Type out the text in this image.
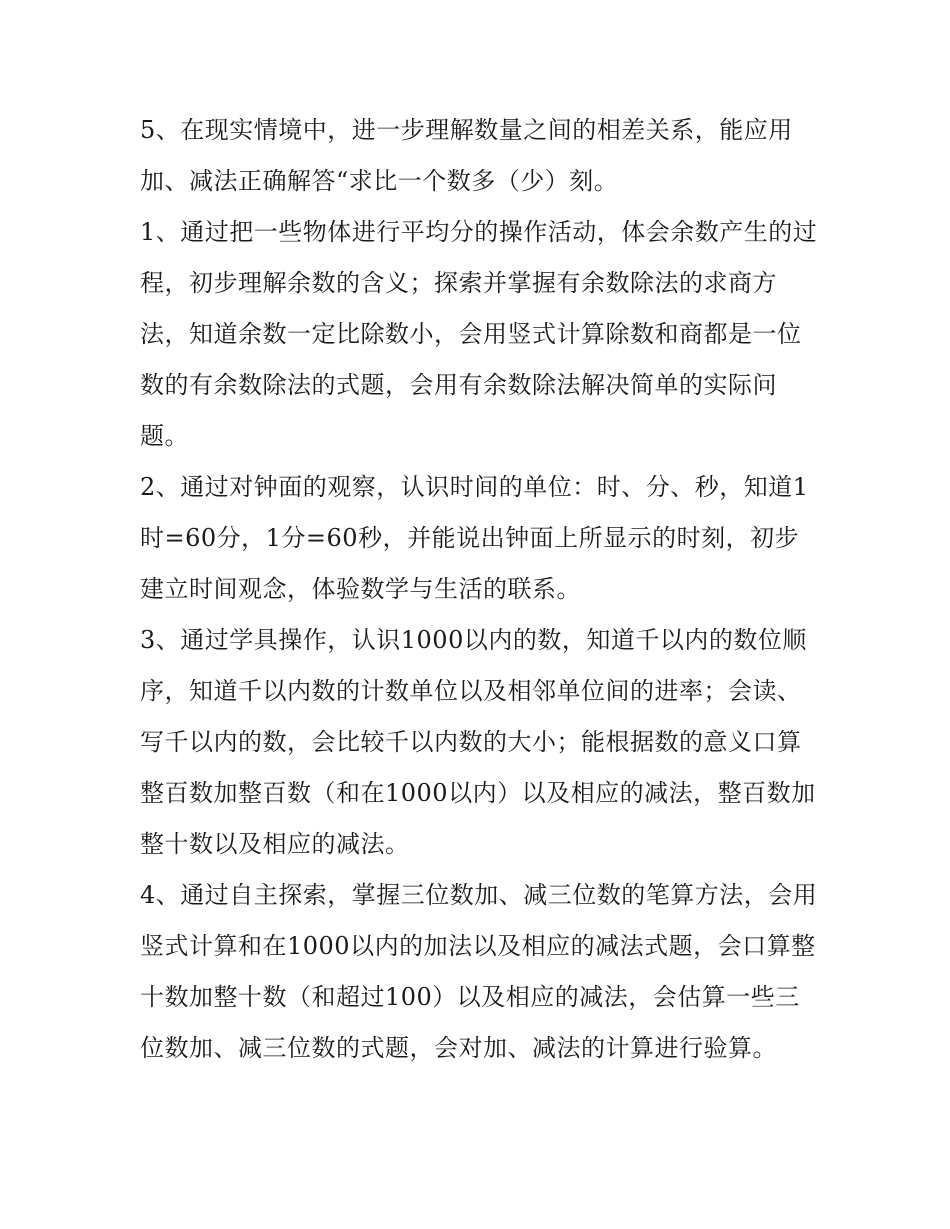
5、在现实情境中，进一步理解数量之间的相差关系，能应用加、减法正确解答“求比一个数多（少）刻。

1、通过把一些物体进行平均分的操作活动，体会余数产生的过程，初步理解余数的含义；探索并掌握有余数除法的求商方法，知道余数一定比除数小，会用竖式计算除数和商都是一位数的有余数除法的式题，会用有余数除法解决简单的实际问题。

2、通过对钟面的观察，认识时间的单位：时、分、秒，知道1时=60分，1分=60秒，并能说出钟面上所显示的时刻，初步建立时间观念，体验数学与生活的联系。

3、通过学具操作，认识1000以内的数，知道千以内的数位顺序，知道千以内数的计数单位以及相邻单位间的进率；会读、写千以内的数，会比较千以内数的大小；能根据数的意义口算整百数加整百数（和在1000以内）以及相应的减法，整百数加整十数以及相应的减法。

4、通过自主探索，掌握三位数加、减三位数的笔算方法，会用竖式计算和在1000以内的加法以及相应的减法式题，会口算整十数加整十数（和超过100）以及相应的减法，会估算一些三位数加、减三位数的式题，会对加、减法的计算进行验算。
